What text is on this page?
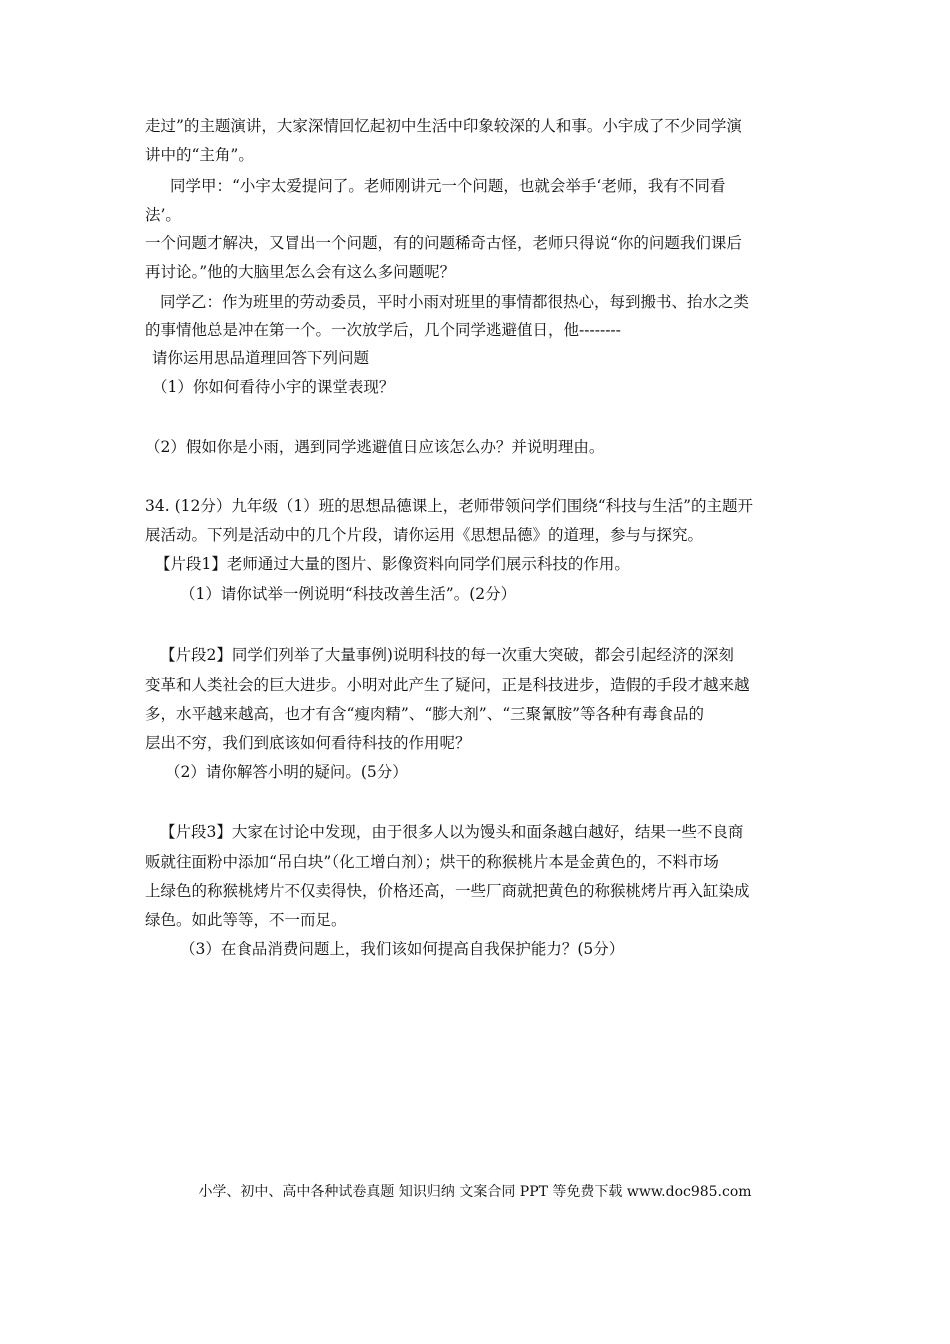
走过”的主题演讲，大家深情回忆起初中生活中印象较深的人和事。小宇成了不少同学演
讲中的“主角”。
同学甲：“小宇太爱提问了。老师刚讲元一个问题，也就会举手‘老师，我有不同看
法’。
一个问题才解决，又冒出一个问题，有的问题稀奇古怪，老师只得说“你的问题我们课后
再讨论。”他的大脑里怎么会有这么多问题呢？
同学乙：作为班里的劳动委员，平时小雨对班里的事情都很热心，每到搬书、抬水之类
的事情他总是冲在第一个。一次放学后，几个同学逃避值日，他--------
请你运用思品道理回答下列问题
（1）你如何看待小宇的课堂表现？
（2）假如你是小雨，遇到同学逃避值日应该怎么办？并说明理由。
34. (12分）九年级（1）班的思想品德课上，老师带领问学们围绕“科技与生活”的主题开
展活动。下列是活动中的几个片段，请你运用《思想品德》的道理，参与与探究。
【片段1】老师通过大量的图片、影像资料向同学们展示科技的作用。
（1）请你试举一例说明“科技改善生活”。(2分）
【片段2】同学们列举了大量事例)说明科技的每一次重大突破，都会引起经济的深刻
变革和人类社会的巨大进步。小明对此产生了疑问，正是科技进步，造假的手段才越来越
多，水平越来越高，也才有含“瘦肉精”、“膨大剂”、“三聚氰胺”等各种有毒食品的
层出不穷，我们到底该如何看待科技的作用呢？
（2）请你解答小明的疑问。(5分）
【片段3】大家在讨论中发现，由于很多人以为馒头和面条越白越好，结果一些不良商
贩就往面粉中添加“吊白块”（化工增白剂）；烘干的称猴桃片本是金黄色的，不料市场
上绿色的称猴桃烤片不仅卖得快，价格还高，一些厂商就把黄色的称猴桃烤片再入缸染成
绿色。如此等等，不一而足。
（3）在食品消费问题上，我们该如何提高自我保护能力？(5分）
小学、初中、高中各种试卷真题 知识归纳 文案合同 PPT 等免费下载 www.doc985.com
